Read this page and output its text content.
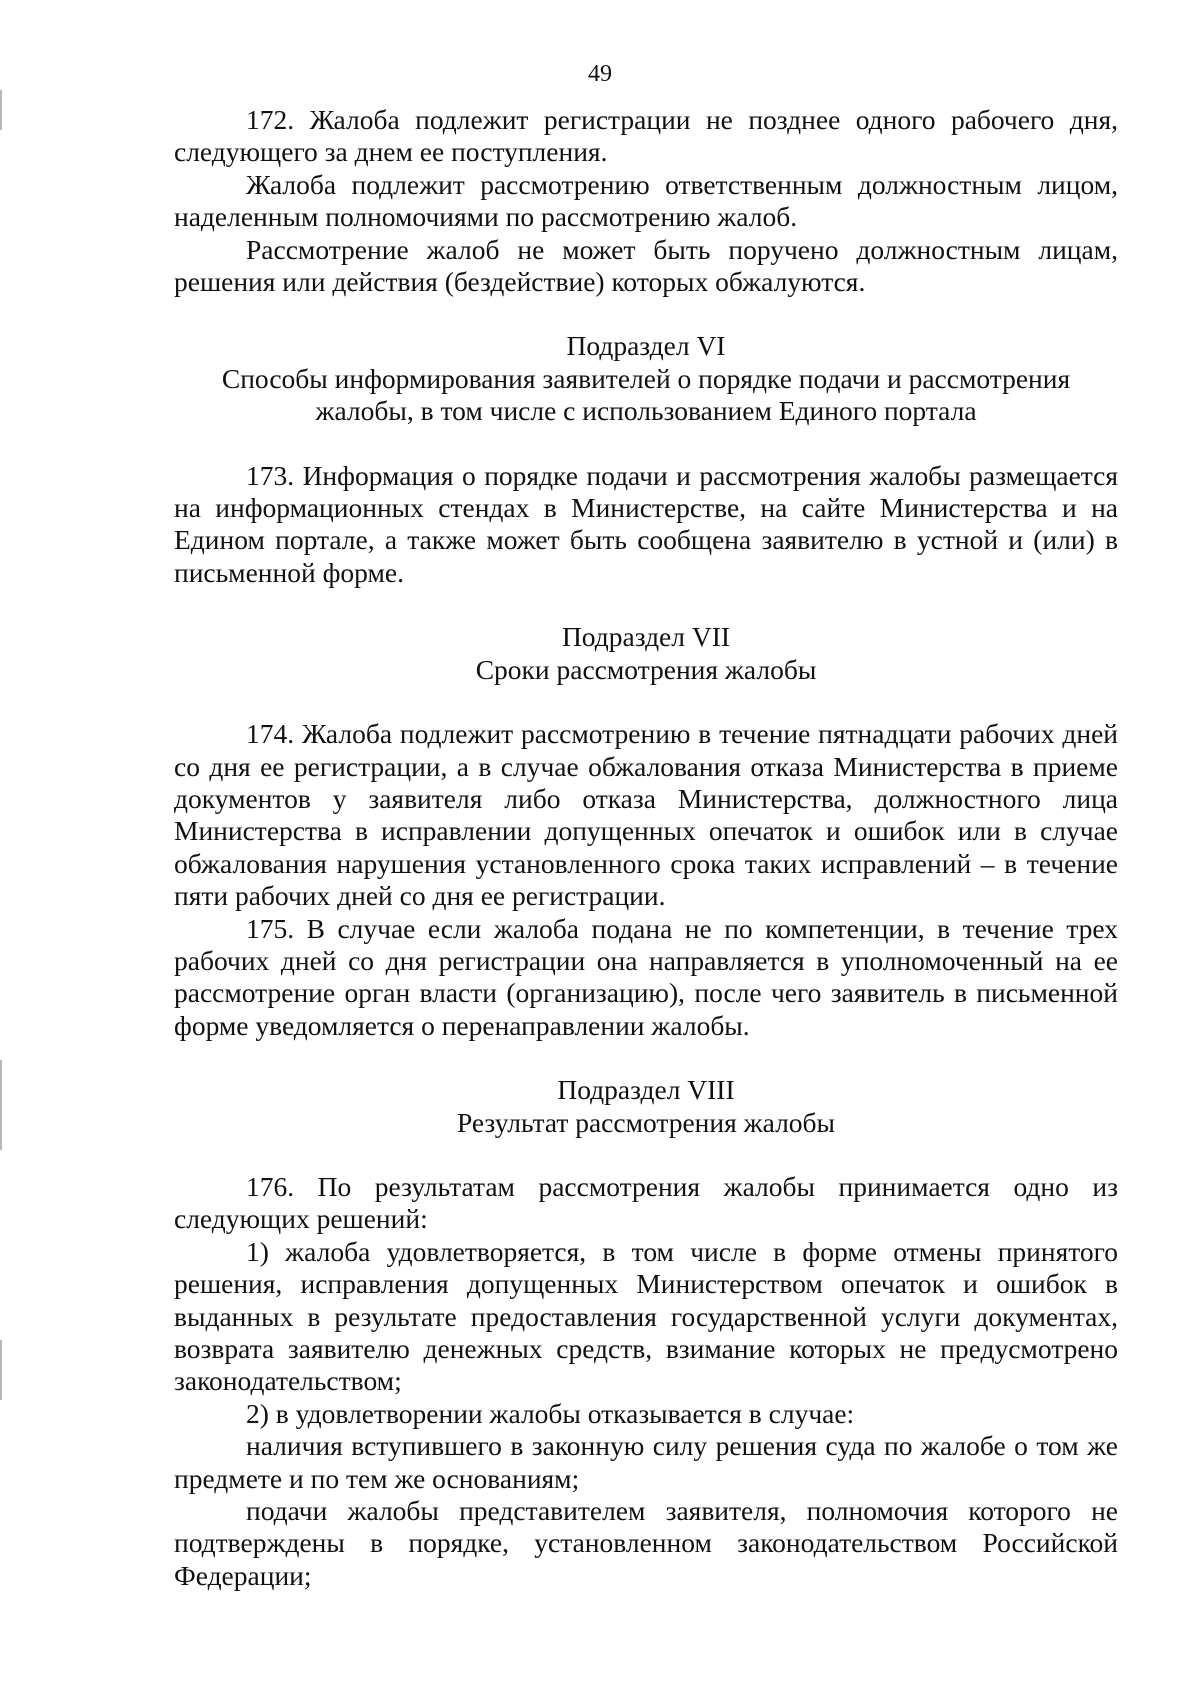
49

172. Жалоба подлежит регистрации не позднее одного рабочего дня, следующего за днем ее поступления.

Жалоба подлежит рассмотрению ответственным должностным лицом, наделенным полномочиями по рассмотрению жалоб.

Рассмотрение жалоб не может быть поручено должностным лицам, решения или действия (бездействие) которых обжалуются.

Подраздел VI

Способы информирования заявителей о порядке подачи и рассмотрения жалобы, в том числе с использованием Единого портала

173. Информация о порядке подачи и рассмотрения жалобы размещается на информационных стендах в Министерстве, на сайте Министерства и на Едином портале, а также может быть сообщена заявителю в устной и (или) в письменной форме.

Подраздел VII

Сроки рассмотрения жалобы

174. Жалоба подлежит рассмотрению в течение пятнадцати рабочих дней со дня ее регистрации, а в случае обжалования отказа Министерства в приеме документов у заявителя либо отказа Министерства, должностного лица Министерства в исправлении допущенных опечаток и ошибок или в случае обжалования нарушения установленного срока таких исправлений – в течение пяти рабочих дней со дня ее регистрации.

175. В случае если жалоба подана не по компетенции, в течение трех рабочих дней со дня регистрации она направляется в уполномоченный на ее рассмотрение орган власти (организацию), после чего заявитель в письменной форме уведомляется о перенаправлении жалобы.

Подраздел VIII

Результат рассмотрения жалобы

176. По результатам рассмотрения жалобы принимается одно из следующих решений:

1) жалоба удовлетворяется, в том числе в форме отмены принятого решения, исправления допущенных Министерством опечаток и ошибок в выданных в результате предоставления государственной услуги документах, возврата заявителю денежных средств, взимание которых не предусмотрено законодательством;

2) в удовлетворении жалобы отказывается в случае:

наличия вступившего в законную силу решения суда по жалобе о том же предмете и по тем же основаниям;

подачи жалобы представителем заявителя, полномочия которого не подтверждены в порядке, установленном законодательством Российской Федерации;
